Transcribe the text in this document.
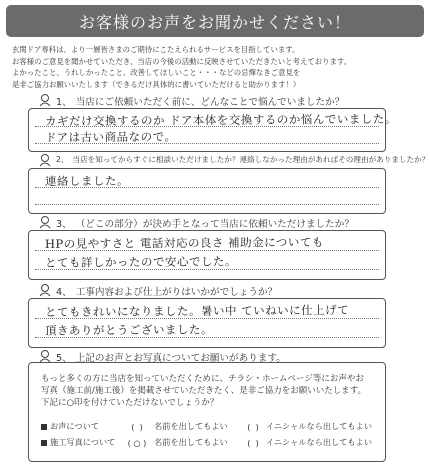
お客様のお声をお聞かせください！
玄関ドア専科は、より一層皆さまのご期待にこたえられるサービスを目指しています。
お客様のご意見を聞かせていただき、当店の今後の活動に反映させていただきたいと考えております。
よかったこと、うれしかったこと、改善してほしいこと・・・などの忌憚なきご意見を
是非ご協力お願いいたします（できるだけ具体的に書いていただけると助かります！）
1、 当店にご依頼いただく前に、どんなことで悩んでいましたか？
カギだけ交換するのか ドア本体を交換するのか悩んでいました。
ドアは古い商品なので。
2、 当店を知ってからすぐに相談いただけましたか？連絡しなかった理由があればその理由がありましたか？
連絡しました。
3、 （どこの部分）が決め手となって当店に依頼いただけましたか？
HPの見やすさと 電話対応の良さ 補助金についても
とても詳しかったので安心でした。
4、 工事内容および仕上がりはいかがでしょうか？
とてもきれいになりました。暑い中 ていねいに仕上げて
頂きありがとうございました。
5、 上記のお声とお写真についてお願いがあります。
もっと多くの方に当店を知っていただくために、チラシ・ホームページ等にお声やお
写真（施工前/施工後）を掲載させていただきたく、是非ご協力をお願いいたします。
下記に○印を付けていただけないでしょうか？
お声について	(  )	名前を出してもよい	(  ) イニシャルなら出してもよい
施工写真について	( ○ ) 名前を出してもよい	(  ) イニシャルなら出してもよい
